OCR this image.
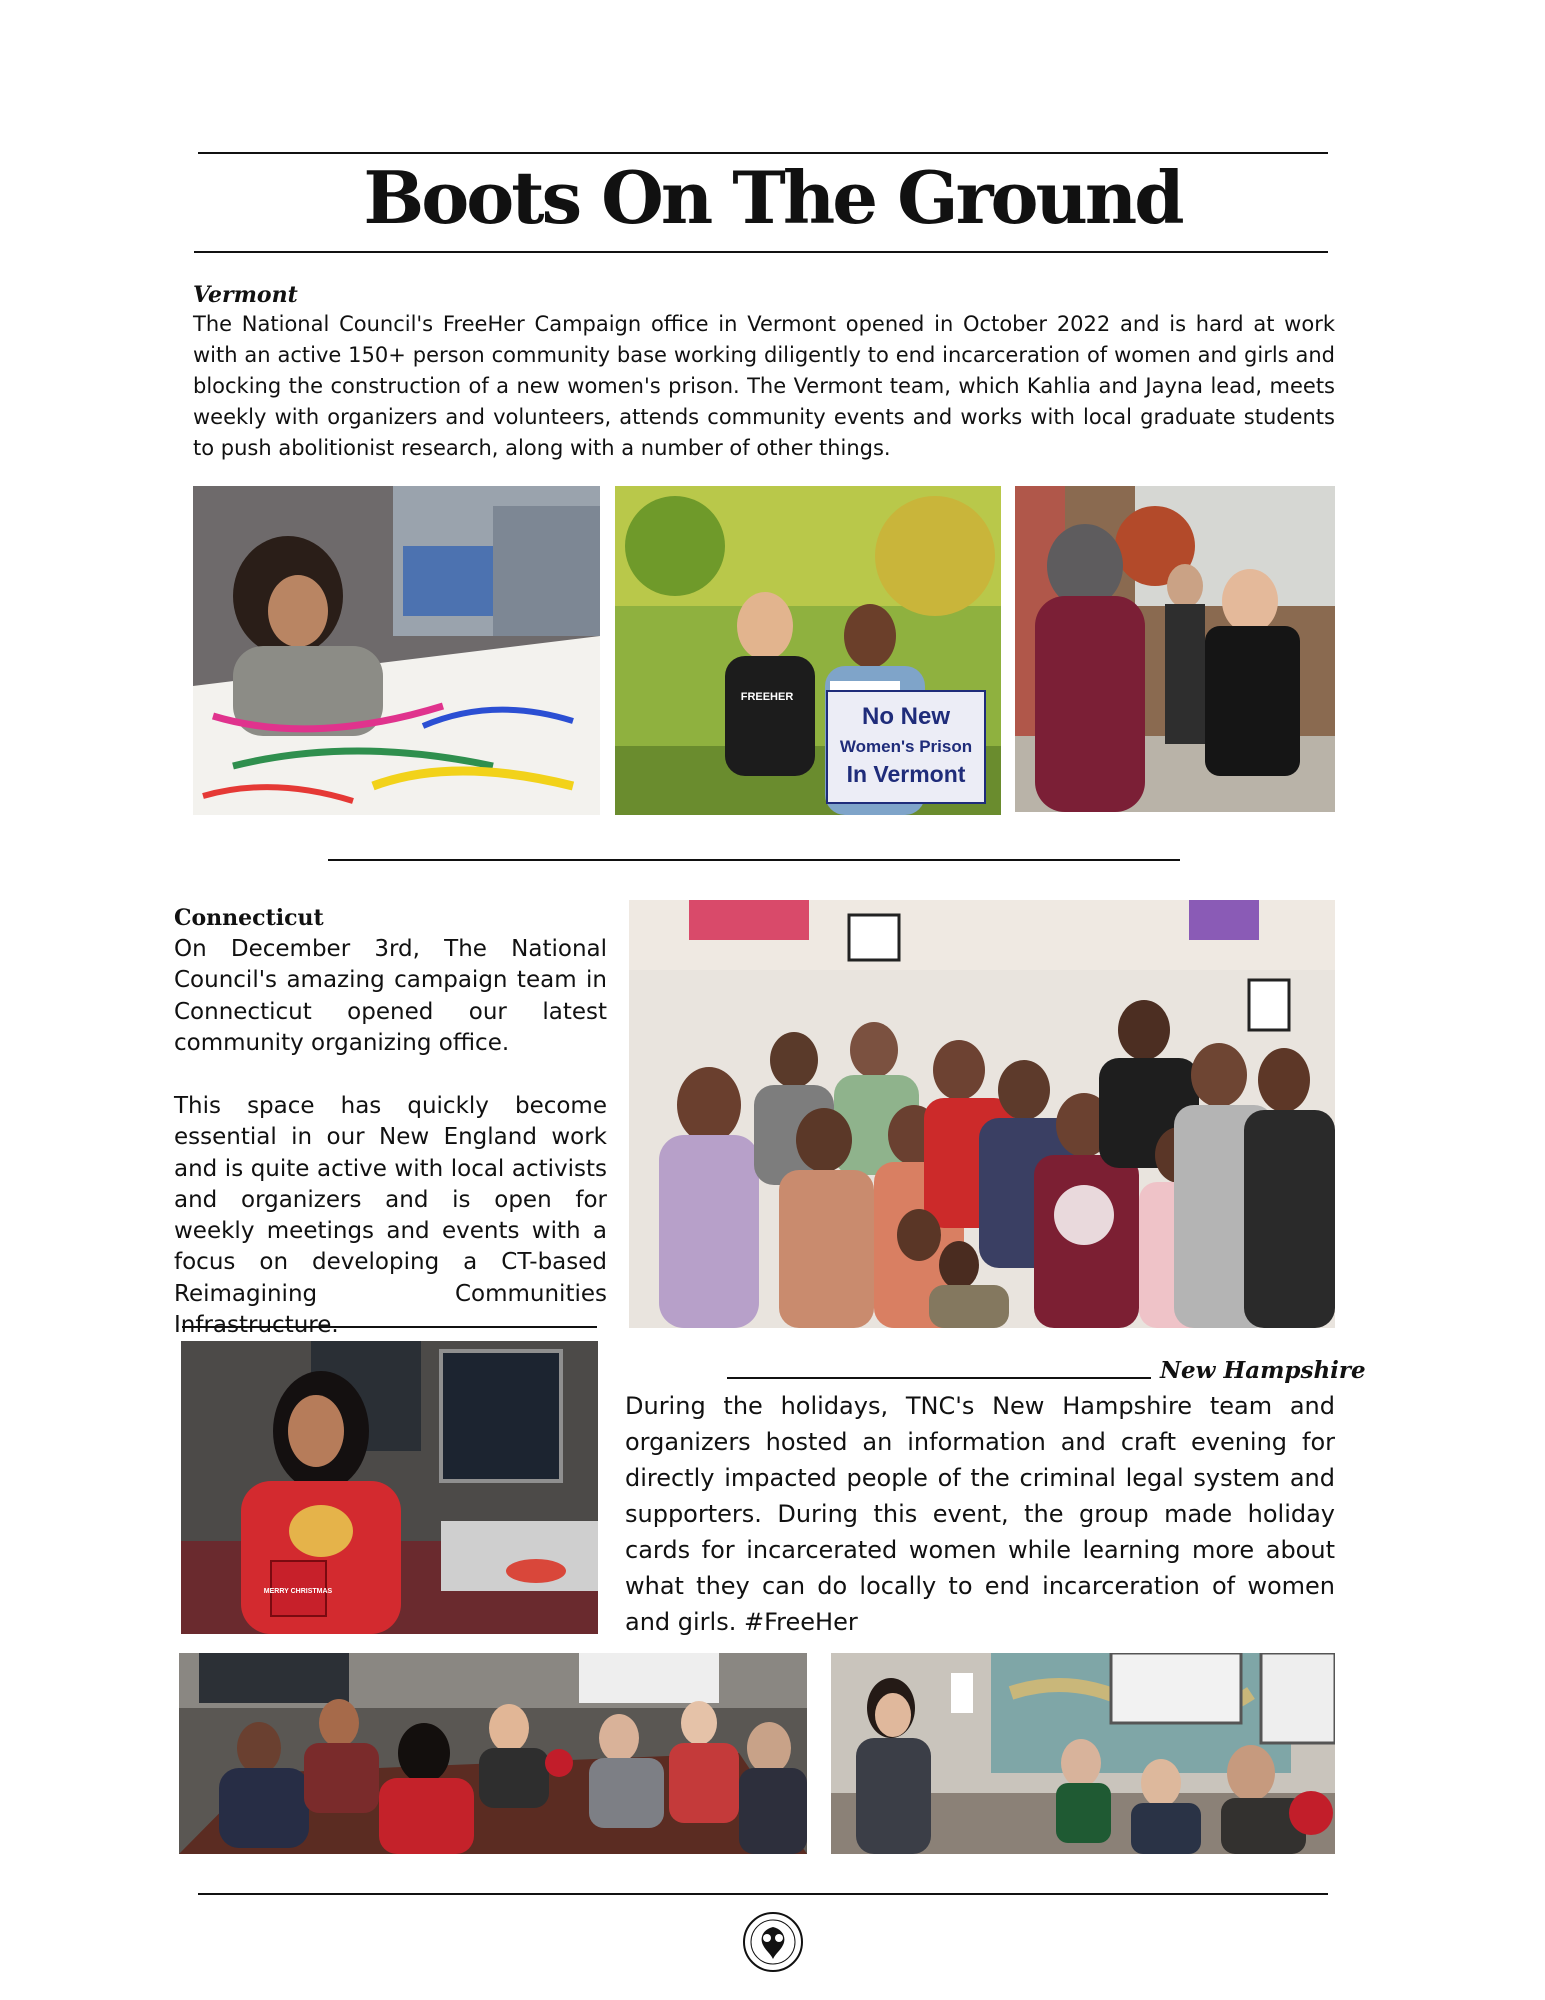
Boots On The Ground
Vermont

The National Council's FreeHer Campaign office in Vermont opened in October 2022 and is hard at work with an active 150+ person community base working diligently to end incarceration of women and girls and blocking the construction of a new women's prison. The Vermont team, which Kahlia and Jayna lead, meets weekly with organizers and volunteers, attends community events and works with local graduate students to push abolitionist research, along with a number of other things.

No New
Women's Prison
In Vermont
FREEHER
Connecticut

On December 3rd, The National Council's amazing campaign team in Connecticut opened our latest community organizing office.

This space has quickly become essential in our New England work and is quite active with local activists and organizers and is open for weekly meetings and events with a focus on developing a CT-based Reimagining Communities Infrastructure.

MERRY CHRISTMAS
New Hampshire

During the holidays, TNC's New Hampshire team and organizers hosted an information and craft evening for directly impacted people of the criminal legal system and supporters. During this event, the group made holiday cards for incarcerated women while learning more about what they can do locally to end incarceration of women and girls. #FreeHer
